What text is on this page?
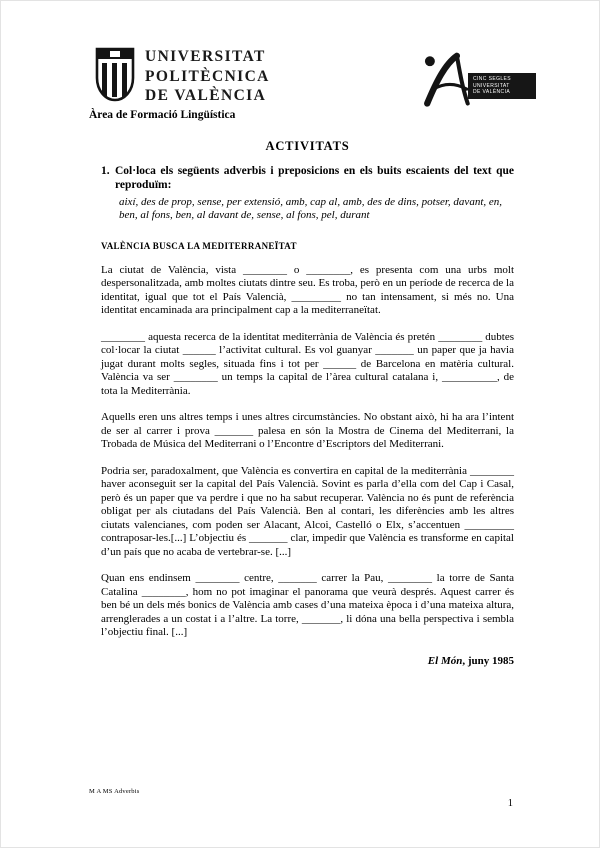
UNIVERSITAT
POLITÈCNICA
DE VALÈNCIA
Àrea de Formació Lingüística
CINC SEGLES
UNIVERSITAT
DE VALÈNCIA
ACTIVITATS
1. Col·loca els següents adverbis i preposicions en els buits escaients del text que reproduïm:
així, des de prop, sense, per extensió, amb, cap al, amb, des de dins, potser, davant, en, ben, al fons, ben, al davant de, sense, al fons, pel, durant
VALÈNCIA BUSCA LA MEDITERRANEÏTAT

La ciutat de València, vista ________ o ________, es presenta com una urbs molt despersonalitzada, amb moltes ciutats dintre seu. Es troba, però en un període de recerca de la identitat, igual que tot el País Valencià, _________ no tan intensament, si més no. Una identitat encaminada ara principalment cap a la mediterraneïtat.

________ aquesta recerca de la identitat mediterrània de València és pretén ________ dubtes col·locar la ciutat ______ l’activitat cultural. Es vol guanyar _______ un paper que ja havia jugat durant molts segles, situada fins i tot per ______ de Barcelona en matèria cultural. València va ser ________ un temps la capital de l’àrea cultural catalana i, __________, de tota la Mediterrània.

Aquells eren uns altres temps i unes altres circumstàncies. No obstant això, hi ha ara l’intent de ser al carrer i prova _______ palesa en són la Mostra de Cinema del Mediterrani, la Trobada de Música del Mediterrani o l’Encontre d’Escriptors del Mediterrani.

Podria ser, paradoxalment, que València es convertira en capital de la mediterrània ________ haver aconseguit ser la capital del País Valencià. Sovint es parla d’ella com del Cap i Casal, però és un paper que va perdre i que no ha sabut recuperar. València no és punt de referència obligat per als ciutadans del País Valencià. Ben al contari, les diferències amb les altres ciutats valencianes, com poden ser Alacant, Alcoi, Castelló o Elx, s’accentuen _________ contraposar-les.[...] L’objectiu és _______ clar, impedir que València es transforme en capital d’un país que no acaba de vertebrar-se. [...]

Quan ens endinsem ________ centre, _______ carrer la Pau, ________ la torre de Santa Catalina ________, hom no pot imaginar el panorama que veurà després. Aquest carrer és ben bé un dels més bonics de València amb cases d’una mateixa època i d’una mateixa altura, arrenglerades a un costat i a l’altre. La torre, _______, li dóna una bella perspectiva i sembla l’objectiu final. [...]

El Món, juny 1985
M A MS Adverbis
1
